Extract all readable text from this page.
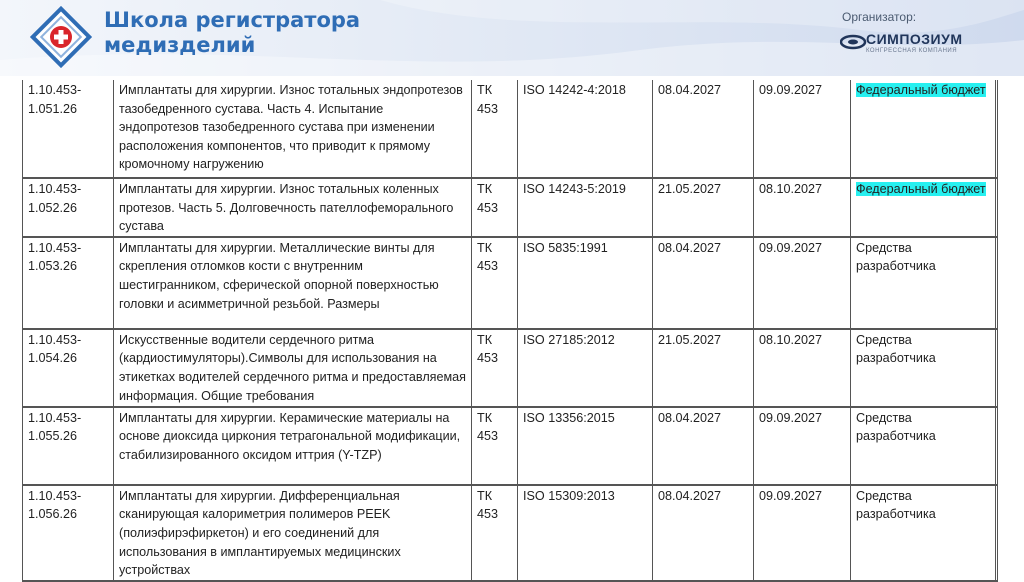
Школа регистратора
медизделий
Организатор:
СИМПОЗИУМ
КОНГРЕССНАЯ КОМПАНИЯ
1.10.453-1.051.26	Имплантаты для хирургии. Износ тотальных эндопротезов тазобедренного сустава. Часть 4. Испытание эндопротезов тазобедренного сустава при изменении расположения компонентов, что приводит к прямому кромочному нагружению	ТК 453	ISO 14242-4:2018	08.04.2027	09.09.2027	Федеральный бюджет	
1.10.453-1.052.26	Имплантаты для хирургии. Износ тотальных коленных протезов. Часть 5. Долговечность пателлофеморального сустава	ТК 453	ISO 14243-5:2019	21.05.2027	08.10.2027	Федеральный бюджет	
1.10.453-1.053.26	Имплантаты для хирургии. Металлические винты для скрепления отломков кости с внутренним шестигранником, сферической опорной поверхностью головки и асимметричной резьбой. Размеры	ТК 453	ISO 5835:1991	08.04.2027	09.09.2027	Средства разработчика	
1.10.453-1.054.26	Искусственные водители сердечного ритма (кардиостимуляторы).Символы для использования на этикетках водителей сердечного ритма и предоставляемая информация. Общие требования	ТК 453	ISO 27185:2012	21.05.2027	08.10.2027	Средства разработчика	
1.10.453-1.055.26	Имплантаты для хирургии. Керамические материалы на основе диоксида циркония тетрагональной модификации, стабилизированного оксидом иттрия (Y-TZP)	ТК 453	ISO 13356:2015	08.04.2027	09.09.2027	Средства разработчика	
1.10.453-1.056.26	Имплантаты для хирургии. Дифференциальная сканирующая калориметрия полимеров PEEK (полиэфирэфиркетон) и его соединений для использования в имплантируемых медицинских устройствах	ТК 453	ISO 15309:2013	08.04.2027	09.09.2027	Средства разработчика	
